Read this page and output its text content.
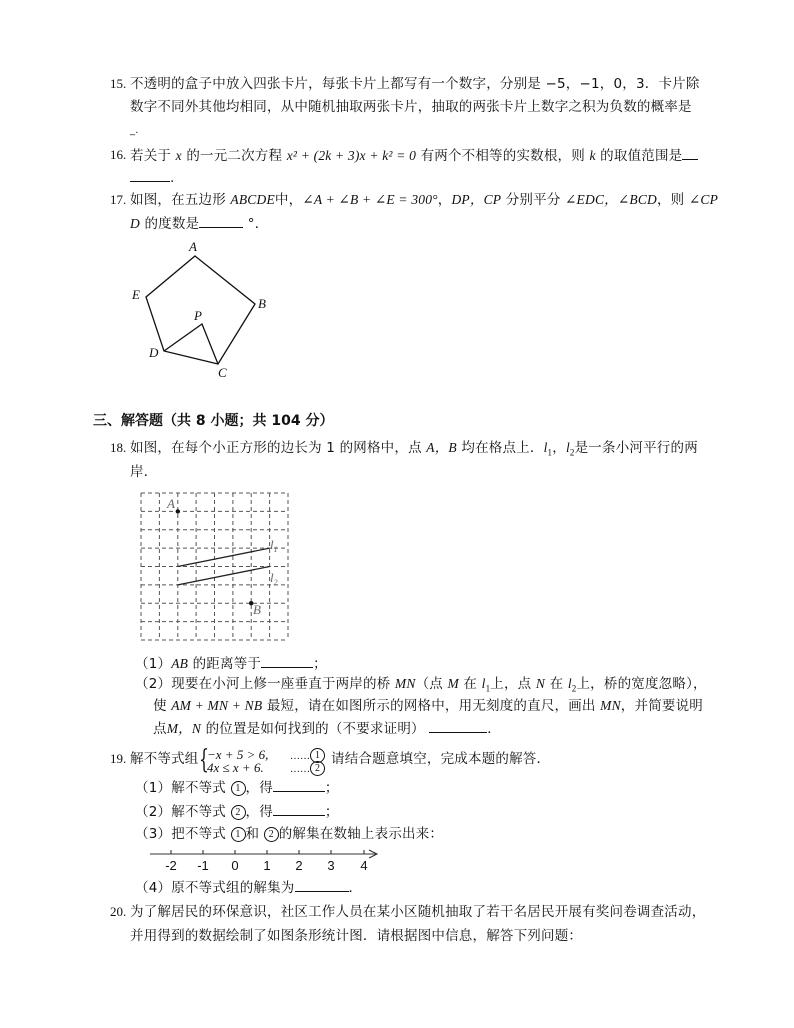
15. 不透明的盒子中放入四张卡片，每张卡片上都写有一个数字，分别是 −5，−1，0，3．卡片除
数字不同外其他均相同，从中随机抽取两张卡片，抽取的两张卡片上数字之积为负数的概率是
_.
16. 若关于 x 的一元二次方程 x² + (2k + 3)x + k² = 0 有两个不相等的实数根，则 k 的取值范围是
.
17. 如图，在五边形 ABCDE中，∠A + ∠B + ∠E = 300°，DP，CP 分别平分 ∠EDC，∠BCD，则 ∠CP
D 的度数是	°．
A
B
C
D
E
P
三、解答题（共 8 小题；共 104 分）
18. 如图，在每个小正方形的边长为 1 的网格中，点 A，B 均在格点上．$l_1$，$l_2$是一条小河平行的两
岸．
A
B
$l_1$
$l_2$
（1）AB 的距离等于	；
（2）现要在小河上修一座垂直于两岸的桥 MN（点 M 在 $l_1$上，点 N 在 $l_2$上，桥的宽度忽略），
使 AM + MN + NB 最短，请在如图所示的网格中，用无刻度的直尺，画出 MN，并简要说明
点M，N 的位置是如何找到的（不要求证明）	．
19. 解不等式组 {
−x + 5 > 6,
4x ≤ x + 6.
…… 1
…… 2
请结合题意填空，完成本题的解答．
（1）解不等式 1 ，得	；
（2）解不等式 2 ，得	；
（3）把不等式 1 和 2 的解集在数轴上表示出来：
-2 -1 0 1 2 3 4
（4）原不等式组的解集为	．
20. 为了解居民的环保意识，社区工作人员在某小区随机抽取了若干名居民开展有奖问卷调查活动，
并用得到的数据绘制了如图条形统计图．请根据图中信息，解答下列问题：
